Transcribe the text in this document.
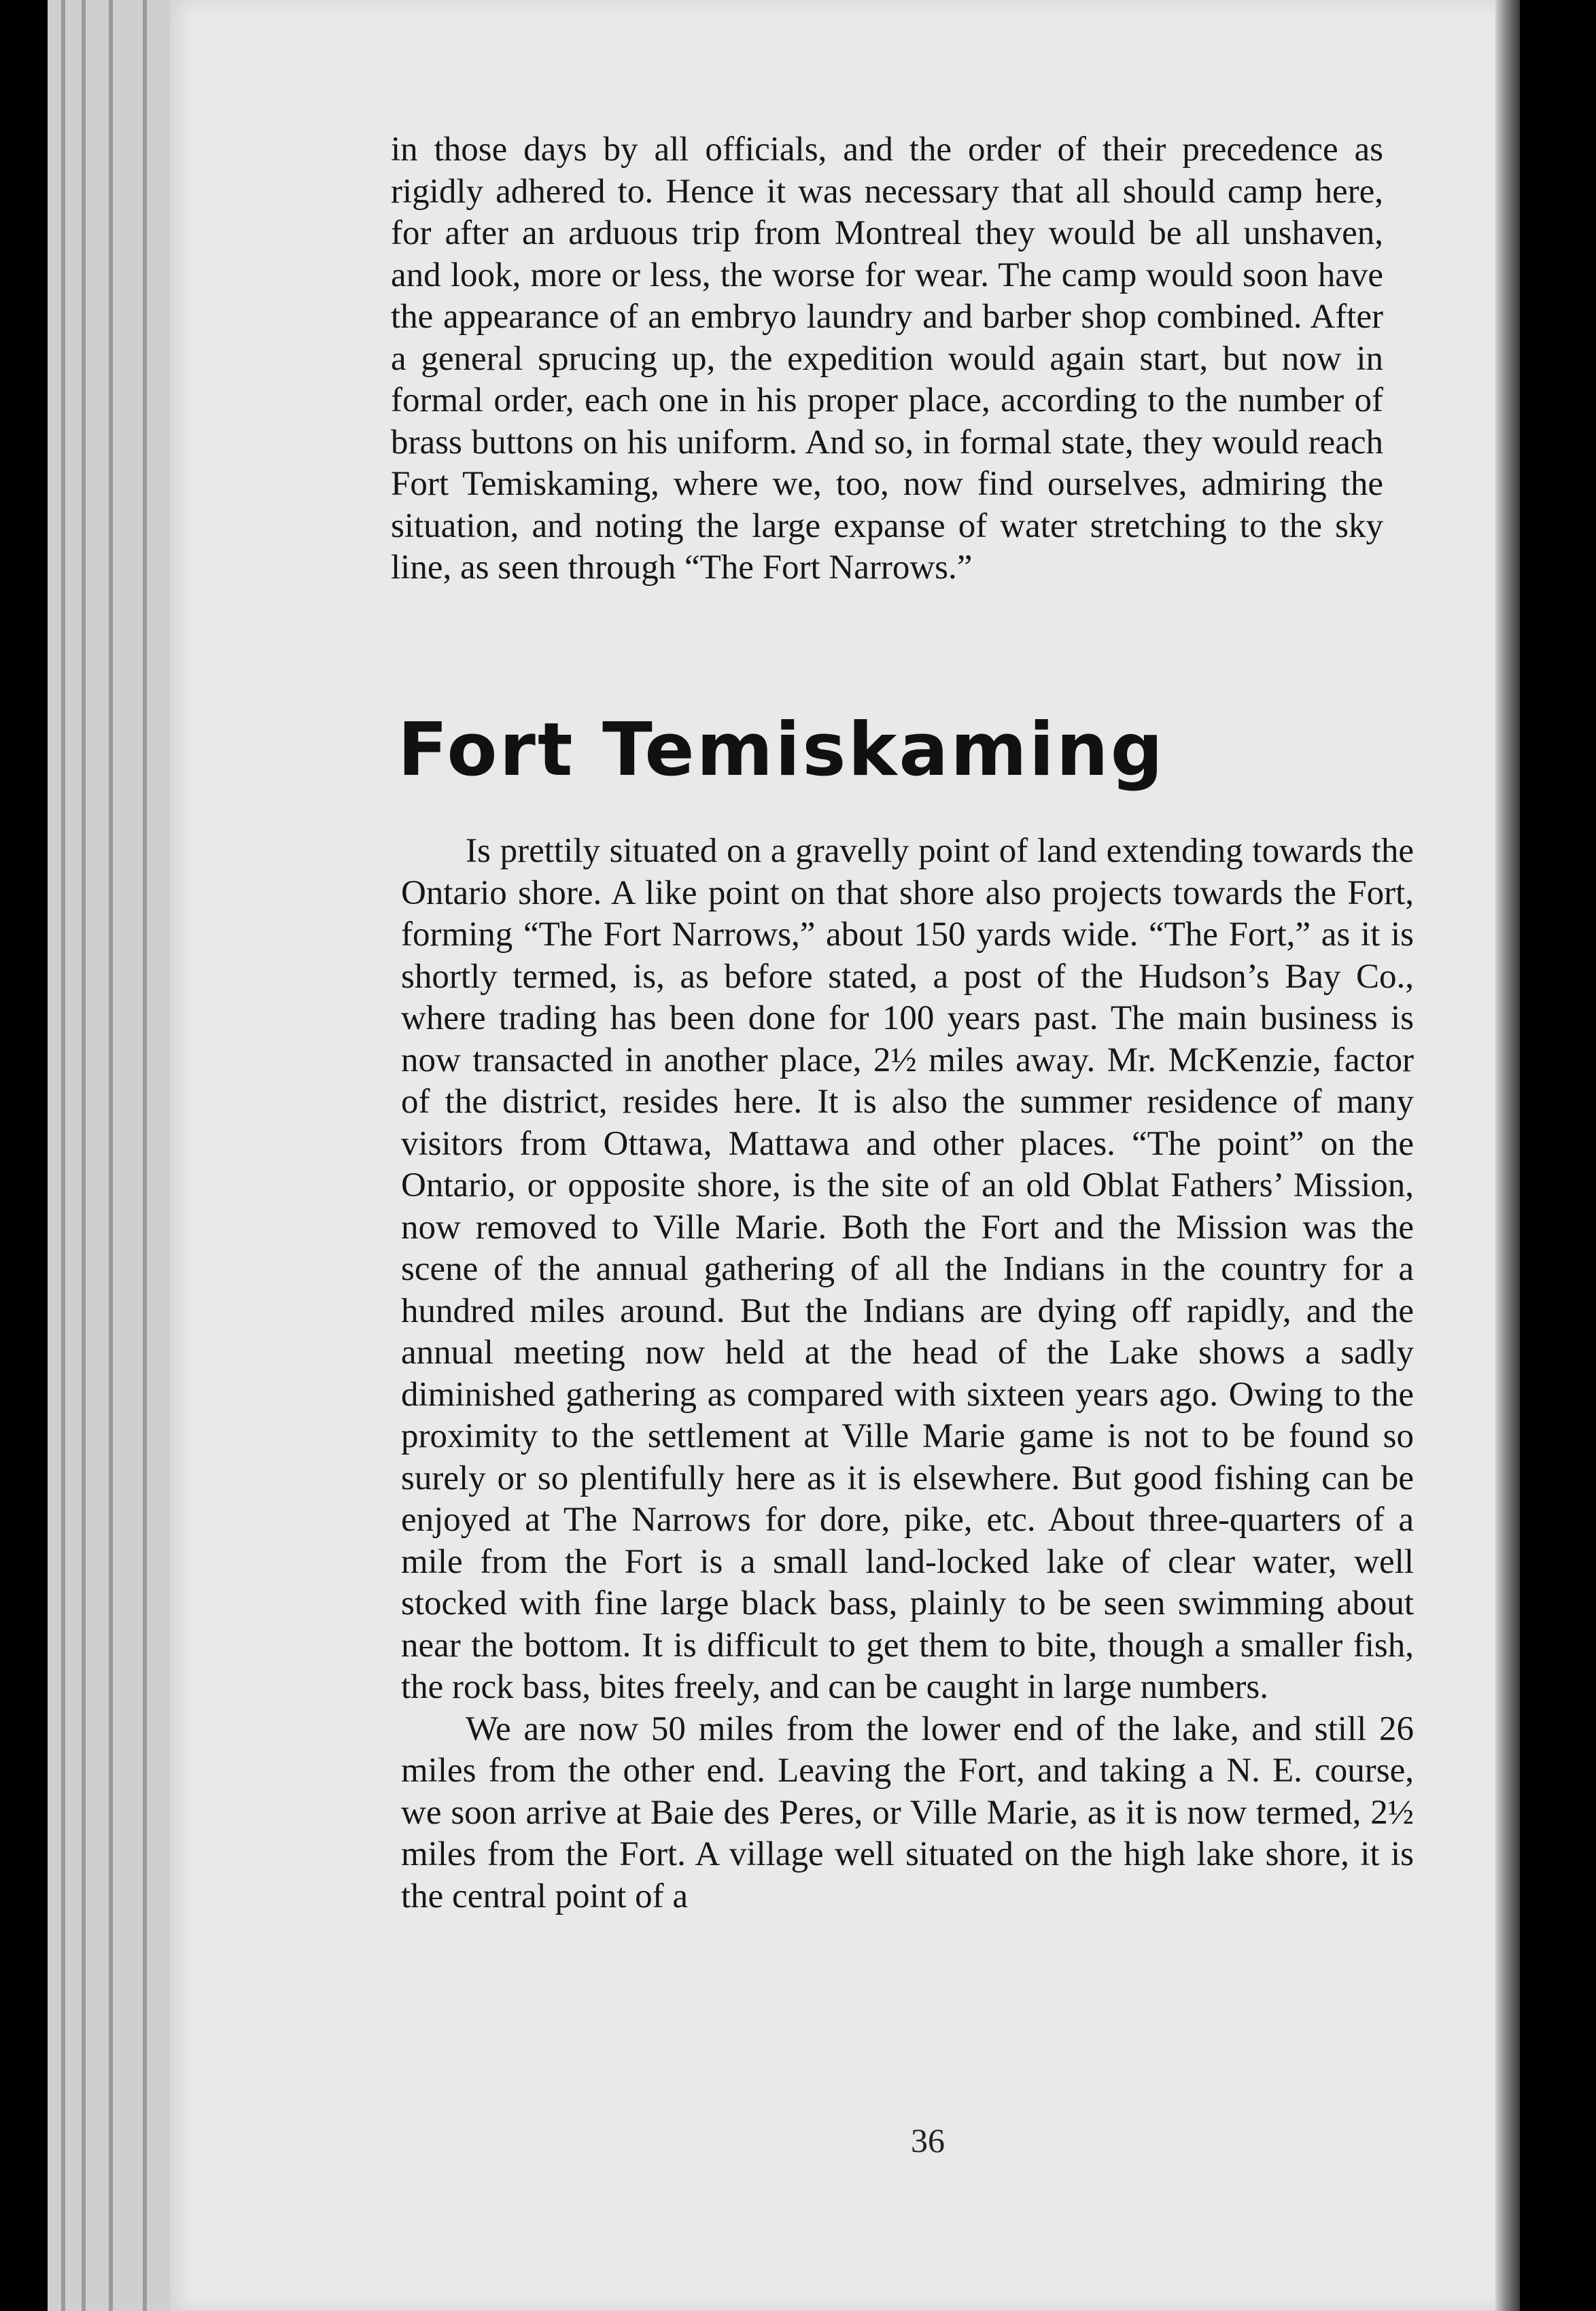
in those days by all officials, and the order of their precedence as rigidly adhered to. Hence it was necessary that all should camp here, for after an arduous trip from Montreal they would be all unshaven, and look, more or less, the worse for wear. The camp would soon have the appearance of an embryo laundry and barber shop combined. After a general sprucing up, the expedition would again start, but now in formal order, each one in his proper place, according to the number of brass buttons on his uniform. And so, in formal state, they would reach Fort Temiskaming, where we, too, now find ourselves, admiring the situation, and noting the large expanse of water stretching to the sky line, as seen through “The Fort Narrows.”

Fort Temiskaming

Is prettily situated on a gravelly point of land extending towards the Ontario shore. A like point on that shore also projects towards the Fort, forming “The Fort Narrows,” about 150 yards wide. “The Fort,” as it is shortly termed, is, as before stated, a post of the Hudson’s Bay Co., where trading has been done for 100 years past. The main business is now transacted in another place, 2½ miles away. Mr. McKenzie, factor of the district, resides here. It is also the summer residence of many visitors from Ottawa, Mattawa and other places. “The point” on the Ontario, or opposite shore, is the site of an old Oblat Fathers’ Mission, now removed to Ville Marie. Both the Fort and the Mission was the scene of the annual gathering of all the Indians in the country for a hundred miles around. But the Indians are dying off rapidly, and the annual meeting now held at the head of the Lake shows a sadly diminished gathering as compared with sixteen years ago. Owing to the proximity to the settlement at Ville Marie game is not to be found so surely or so plentifully here as it is elsewhere. But good fishing can be enjoyed at The Narrows for dore, pike, etc. About three-quarters of a mile from the Fort is a small land-locked lake of clear water, well stocked with fine large black bass, plainly to be seen swimming about near the bottom. It is difficult to get them to bite, though a smaller fish, the rock bass, bites freely, and can be caught in large numbers.

We are now 50 miles from the lower end of the lake, and still 26 miles from the other end. Leaving the Fort, and taking a N. E. course, we soon arrive at Baie des Peres, or Ville Marie, as it is now termed, 2½ miles from the Fort. A village well situated on the high lake shore, it is the central point of a

36
